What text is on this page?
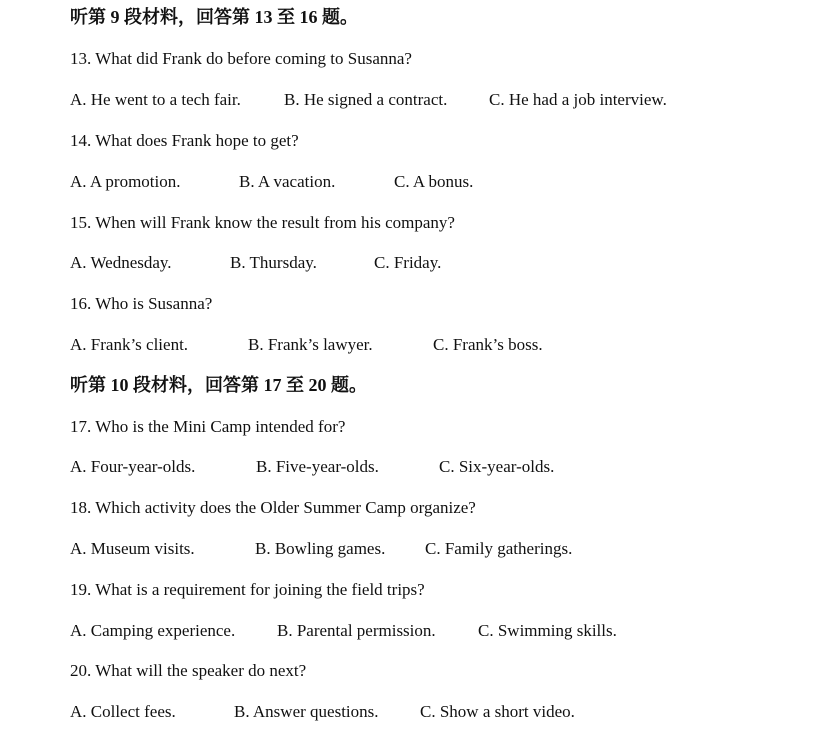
听第 9 段材料，回答第 13 至 16 题。
13. What did Frank do before coming to Susanna?
A. He went to a tech fair.	B. He signed a contract. C. He had a job interview.
14. What does Frank hope to get?
A. A promotion.	B. A vacation.	C. A bonus.
15. When will Frank know the result from his company?
A. Wednesday.	B. Thursday.	C. Friday.
16. Who is Susanna?
A. Frank’s client.	B. Frank’s lawyer.	C. Frank’s boss.
听第 10 段材料，回答第 17 至 20 题。
17. Who is the Mini Camp intended for?
A. Four-year-olds.	B. Five-year-olds.	C. Six-year-olds.
18. Which activity does the Older Summer Camp organize?
A. Museum visits.	B. Bowling games. C. Family gatherings.
19. What is a requirement for joining the field trips?
A. Camping experience. B. Parental permission. C. Swimming skills.
20. What will the speaker do next?
A. Collect fees.	B. Answer questions. C. Show a short video.
